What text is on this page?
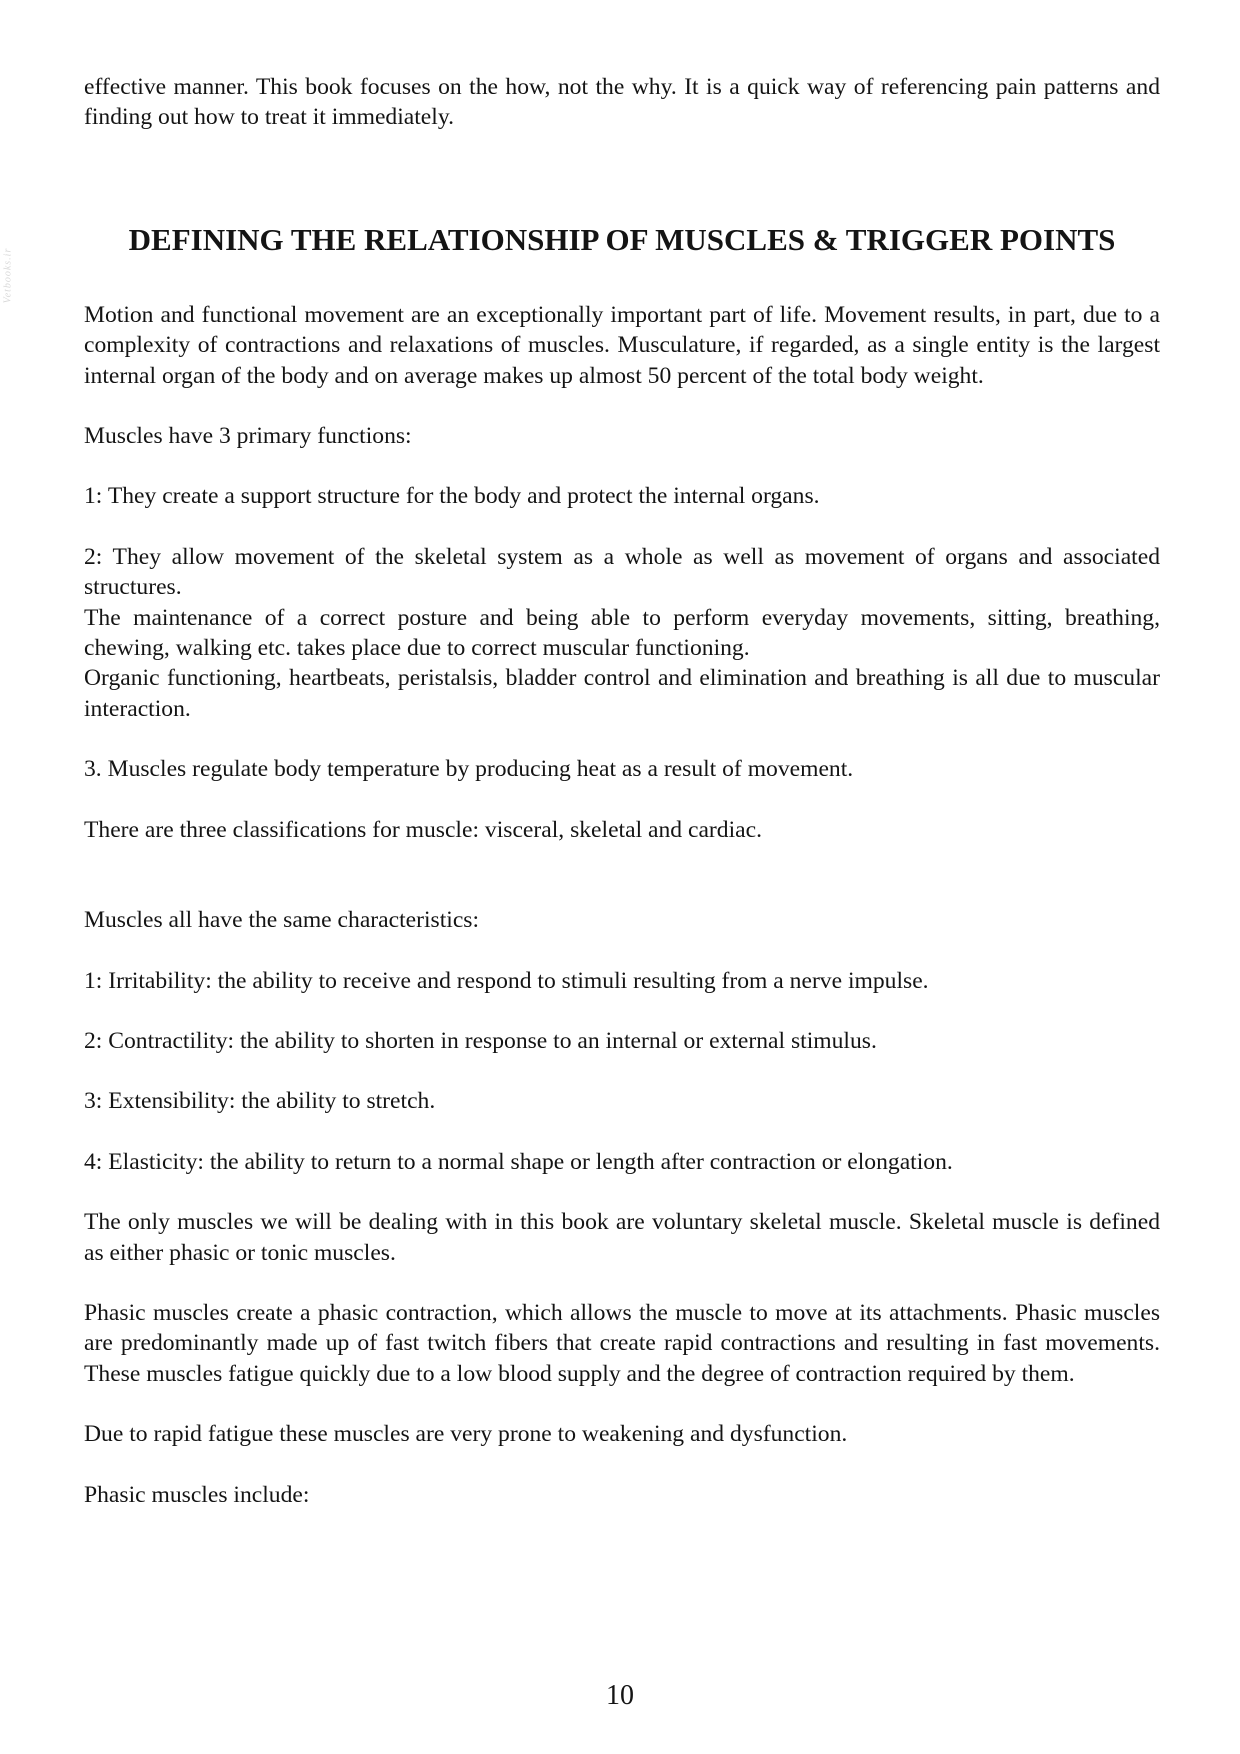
Vetbooks.ir

effective manner. This book focuses on the how, not the why. It is a quick way of referencing pain patterns and finding out how to treat it immediately.

DEFINING THE RELATIONSHIP OF MUSCLES & TRIGGER POINTS

Motion and functional movement are an exceptionally important part of life. Movement results, in part, due to a complexity of contractions and relaxations of muscles. Musculature, if regarded, as a single entity is the largest internal organ of the body and on average makes up almost 50 percent of the total body weight.

Muscles have 3 primary functions:

1: They create a support structure for the body and protect the internal organs.

2: They allow movement of the skeletal system as a whole as well as movement of organs and associated structures.

The maintenance of a correct posture and being able to perform everyday movements, sitting, breathing, chewing, walking etc. takes place due to correct muscular functioning.

Organic functioning, heartbeats, peristalsis, bladder control and elimination and breathing is all due to muscular interaction.

3. Muscles regulate body temperature by producing heat as a result of movement.

There are three classifications for muscle: visceral, skeletal and cardiac.

Muscles all have the same characteristics:

1: Irritability: the ability to receive and respond to stimuli resulting from a nerve impulse.

2: Contractility: the ability to shorten in response to an internal or external stimulus.

3: Extensibility: the ability to stretch.

4: Elasticity: the ability to return to a normal shape or length after contraction or elongation.

The only muscles we will be dealing with in this book are voluntary skeletal muscle. Skeletal muscle is defined as either phasic or tonic muscles.

Phasic muscles create a phasic contraction, which allows the muscle to move at its attachments. Phasic muscles are predominantly made up of fast twitch fibers that create rapid contractions and resulting in fast movements. These muscles fatigue quickly due to a low blood supply and the degree of contraction required by them.

Due to rapid fatigue these muscles are very prone to weakening and dysfunction.

Phasic muscles include:

10
